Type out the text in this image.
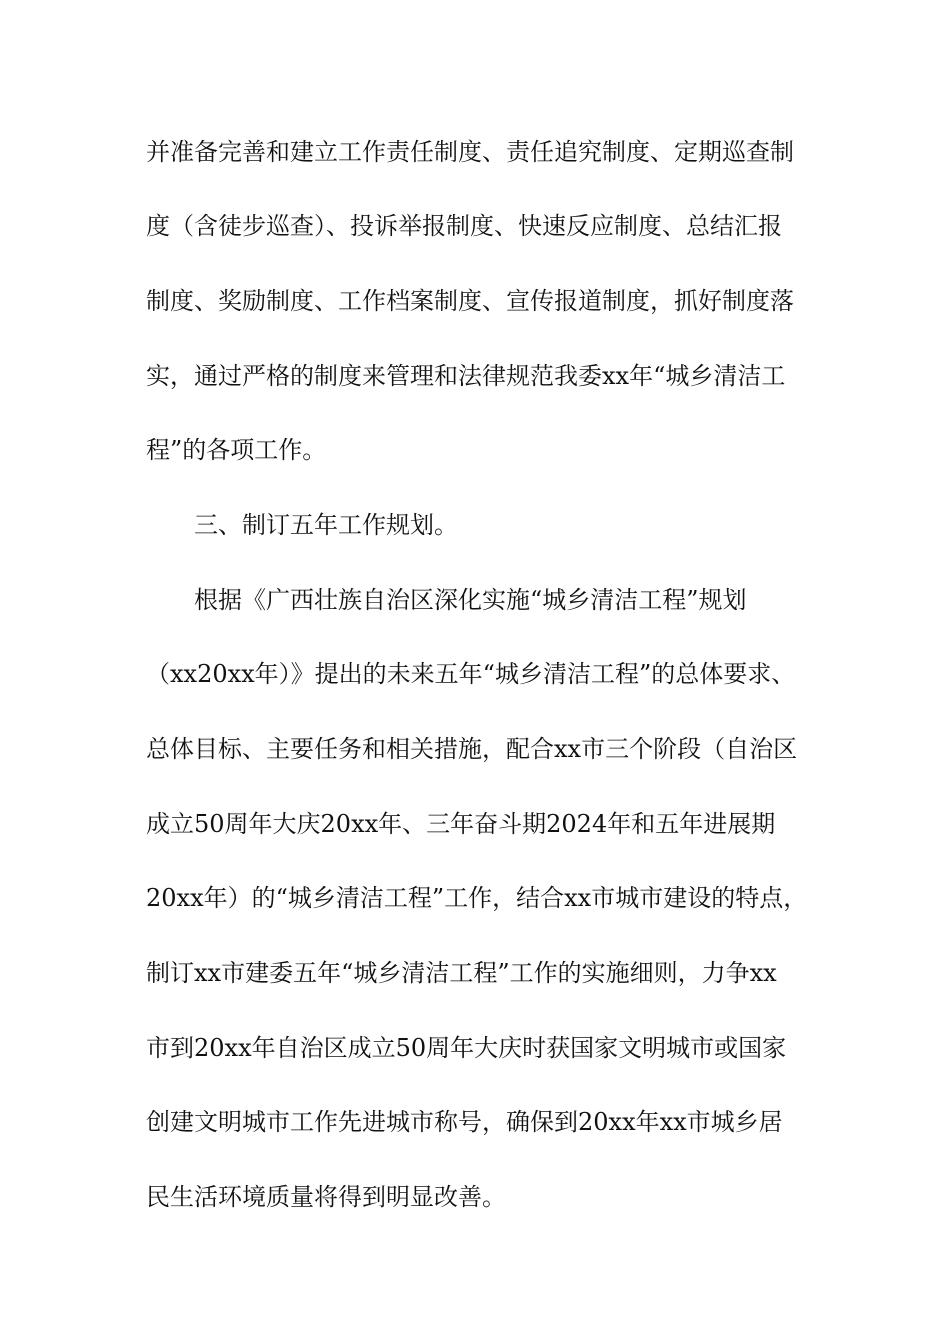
并准备完善和建立工作责任制度、责任追究制度、定期巡查制
度（含徒步巡查）、投诉举报制度、快速反应制度、总结汇报
制度、奖励制度、工作档案制度、宣传报道制度，抓好制度落
实，通过严格的制度来管理和法律规范我委xx年“城乡清洁工
程”的各项工作。
三、制订五年工作规划。
根据《广西壮族自治区深化实施“城乡清洁工程”规划
（xx20xx年）》提出的未来五年“城乡清洁工程”的总体要求、
总体目标、主要任务和相关措施，配合xx市三个阶段（自治区
成立50周年大庆20xx年、三年奋斗期2024年和五年进展期
20xx年）的“城乡清洁工程”工作，结合xx市城市建设的特点，
制订xx市建委五年“城乡清洁工程”工作的实施细则，力争xx
市到20xx年自治区成立50周年大庆时获国家文明城市或国家
创建文明城市工作先进城市称号，确保到20xx年xx市城乡居
民生活环境质量将得到明显改善。
